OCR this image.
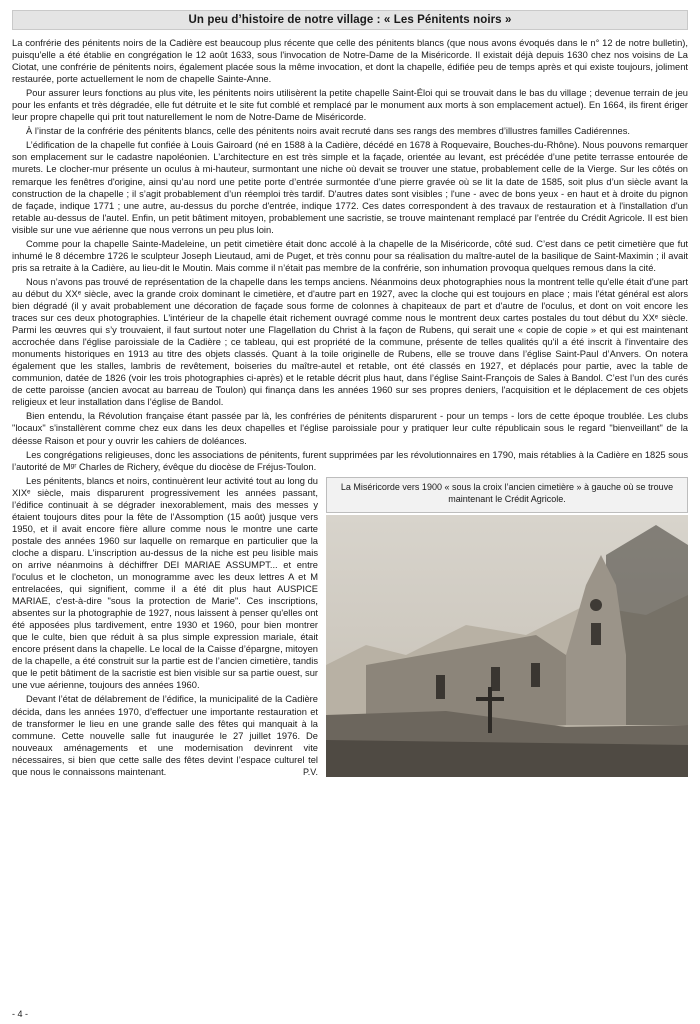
Un peu d’histoire de notre village : « Les Pénitents noirs »

La confrérie des pénitents noirs de la Cadière est beaucoup plus récente que celle des pénitents blancs (que nous avons évoqués dans le n° 12 de notre bulletin), puisqu'elle a été établie en congrégation le 12 août 1633, sous l'invocation de Notre-Dame de la Miséricorde. Il existait déjà depuis 1630 chez nos voisins de La Ciotat, une confrérie de pénitents noirs, également placée sous la même invocation, et dont la chapelle, édifiée peu de temps après et qui existe toujours, joliment restaurée, porte actuellement le nom de chapelle Sainte-Anne.

Pour assurer leurs fonctions au plus vite, les pénitents noirs utilisèrent la petite chapelle Saint-Éloi qui se trouvait dans le bas du village ; devenue terrain de jeu pour les enfants et très dégradée, elle fut détruite et le site fut comblé et remplacé par le monument aux morts à son emplacement actuel). En 1664, ils firent ériger leur propre chapelle qui prit tout naturellement le nom de Notre-Dame de Miséricorde.

À l’instar de la confrérie des pénitents blancs, celle des pénitents noirs avait recruté dans ses rangs des membres d’illustres familles Cadiérennes.

L’édification de la chapelle fut confiée à Louis Gairoard (né en 1588 à la Cadière, décédé en 1678 à Roquevaire, Bouches-du-Rhône). Nous pouvons remarquer son emplacement sur le cadastre napoléonien. L'architecture en est très simple et la façade, orientée au levant, est précédée d’une petite terrasse entourée de murets. Le clocher-mur présente un oculus à mi-hauteur, surmontant une niche où devait se trouver une statue, probablement celle de la Vierge. Sur les côtés on remarque les fenêtres d'origine, ainsi qu’au nord une petite porte d’entrée surmontée d’une pierre gravée où se lit la date de 1585, soit plus d’un siècle avant la construction de la chapelle ; il s’agit probablement d’un réemploi très tardif. D'autres dates sont visibles ; l'une - avec de bons yeux - en haut et à droite du pignon de façade, indique 1771 ; une autre, au-dessus du porche d'entrée, indique 1772. Ces dates correspondent à des travaux de restauration et à l'installation d'un retable au-dessus de l'autel. Enfin, un petit bâtiment mitoyen, probablement une sacristie, se trouve maintenant remplacé par l’entrée du Crédit Agricole. Il est bien visible sur une vue aérienne que nous verrons un peu plus loin.

Comme pour la chapelle Sainte-Madeleine, un petit cimetière était donc accolé à la chapelle de la Miséricorde, côté sud. C’est dans ce petit cimetière que fut inhumé le 8 décembre 1726 le sculpteur Joseph Lieutaud, ami de Puget, et très connu pour sa réalisation du maître-autel de la basilique de Saint-Maximin ; il avait pris sa retraite à la Cadière, au lieu-dit le Moutin. Mais comme il n’était pas membre de la confrérie, son inhumation provoqua quelques remous dans la cité.

Nous n’avons pas trouvé de représentation de la chapelle dans les temps anciens. Néanmoins deux photographies nous la montrent telle qu'elle était d'une part au début du XXᵉ siècle, avec la grande croix dominant le cimetière, et d'autre part en 1927, avec la cloche qui est toujours en place ; mais l'état général est alors bien dégradé (il y avait probablement une décoration de façade sous forme de colonnes à chapiteaux de part et d'autre de l'oculus, et dont on voit encore les traces sur ces deux photographies. L'intérieur de la chapelle était richement ouvragé comme nous le montrent deux cartes postales du tout début du XXᵉ siècle. Parmi les œuvres qui s’y trouvaient, il faut surtout noter une Flagellation du Christ à la façon de Rubens, qui serait une « copie de copie » et qui est maintenant accrochée dans l'église paroissiale de la Cadière ; ce tableau, qui est propriété de la commune, présente de telles qualités qu'il a été inscrit à l'inventaire des monuments historiques en 1913 au titre des objets classés. Quant à la toile originelle de Rubens, elle se trouve dans l’église Saint-Paul d’Anvers. On notera également que les stalles, lambris de revêtement, boiseries du maître-autel et retable, ont été classés en 1927, et déplacés pour partie, avec la table de communion, datée de 1826 (voir les trois photographies ci-après) et le retable décrit plus haut, dans l’église Saint-François de Sales à Bandol. C’est l’un des curés de cette paroisse (ancien avocat au barreau de Toulon) qui finança dans les années 1960 sur ses propres deniers, l'acquisition et le déplacement de ces objets religieux et leur installation dans l’église de Bandol.

Bien entendu, la Révolution française étant passée par là, les confréries de pénitents disparurent - pour un temps - lors de cette époque troublée. Les clubs "locaux" s'installèrent comme chez eux dans les deux chapelles et l'église paroissiale pour y pratiquer leur culte républicain sous le regard "bienveillant" de la déesse Raison et pour y ouvrir les cahiers de doléances.

Les congrégations religieuses, donc les associations de pénitents, furent supprimées par les révolutionnaires en 1790, mais rétablies à la Cadière en 1825 sous l’autorité de Mᵍʳ Charles de Richery, évêque du diocèse de Fréjus-Toulon.

La Miséricorde vers 1900 « sous la croix l’ancien cimetière » à gauche où se trouve maintenant le Crédit Agricole.

Les pénitents, blancs et noirs, continuèrent leur activité tout au long du XIXᵉ siècle, mais disparurent progressivement les années passant, l’édifice continuait à se dégrader inexorablement, mais des messes y étaient toujours dites pour la fête de l’Assomption (15 août) jusque vers 1950, et il avait encore fière allure comme nous le montre une carte postale des années 1960 sur laquelle on remarque en particulier que la cloche a disparu. L'inscription au-dessus de la niche est peu lisible mais on arrive néanmoins à déchiffrer DEI MARIAE ASSUMPT... et entre l'oculus et le clocheton, un monogramme avec les deux lettres A et M entrelacées, qui signifient, comme il a été dit plus haut AUSPICE MARIAE, c'est-à-dire "sous la protection de Marie". Ces inscriptions, absentes sur la photographie de 1927, nous laissent à penser qu'elles ont été apposées plus tardivement, entre 1930 et 1960, pour bien montrer que le culte, bien que réduit à sa plus simple expression mariale, était encore présent dans la chapelle. Le local de la Caisse d’épargne, mitoyen de la chapelle, a été construit sur la partie est de l’ancien cimetière, tandis que le petit bâtiment de la sacristie est bien visible sur sa partie ouest, sur une vue aérienne, toujours des années 1960.

Devant l’état de délabrement de l’édifice, la municipalité de la Cadière décida, dans les années 1970, d’effectuer une importante restauration et de transformer le lieu en une grande salle des fêtes qui manquait à la commune. Cette nouvelle salle fut inaugurée le 27 juillet 1976. De nouveaux aménagements et une modernisation devinrent vite nécessaires, si bien que cette salle des fêtes devint l’espace culturel tel que nous le connaissons maintenant.	P.V.

- 4 -
